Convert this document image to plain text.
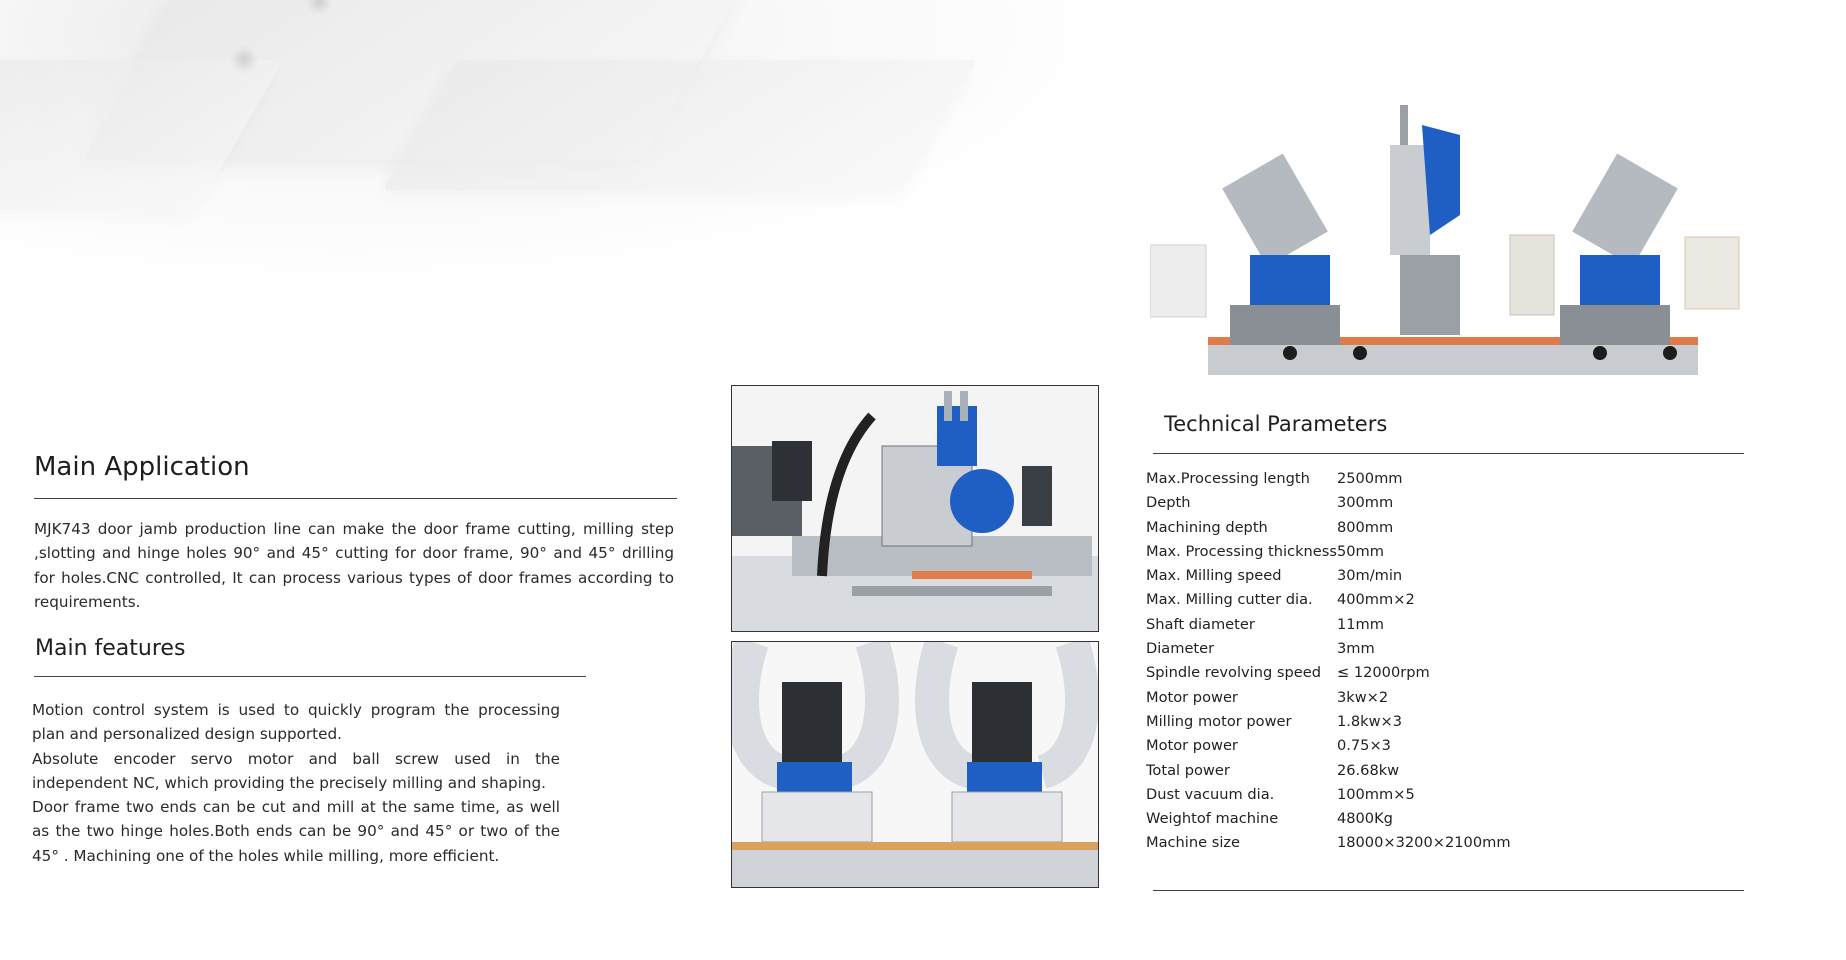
Main Application
MJK743 door jamb production line can make the door frame cutting, milling step ,slotting and hinge holes 90° and 45° cutting for door frame, 90° and 45° drilling for holes.CNC controlled, It can process various types of door frames according to requirements.
Main features

Motion control system is used to quickly program the processing plan and personalized design supported.

Absolute encoder servo motor and ball screw used in the independent NC, which providing the precisely milling and shaping.

Door frame two ends can be cut and mill at the same time, as well as the two hinge holes.Both ends can be 90° and 45° or two of the 45° . Machining one of the holes while milling, more efficient.

Technical Parameters
Max.Processing length	2500mm
Depth	300mm
Machining depth	800mm
Max. Processing thickness	50mm
Max. Milling speed	30m/min
Max. Milling cutter dia.	400mm×2
Shaft diameter	11mm
Diameter	3mm
Spindle revolving speed	≤ 12000rpm
Motor power	3kw×2
Milling motor power	1.8kw×3
Motor power	0.75×3
Total power	26.68kw
Dust vacuum dia.	100mm×5
Weightof machine	4800Kg
Machine size	18000×3200×2100mm
